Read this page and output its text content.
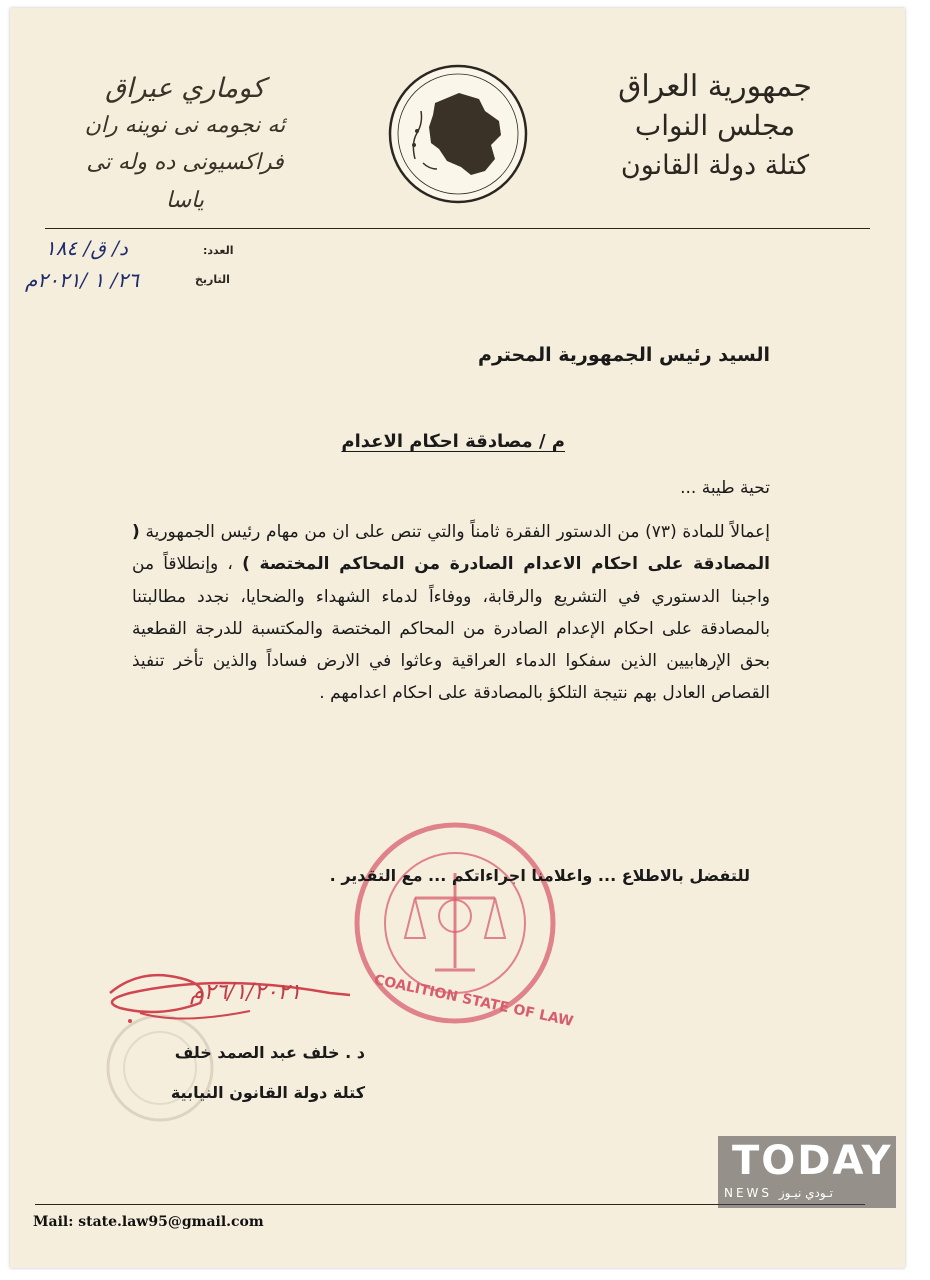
جمهورية العراق
مجلس النواب
كتلة دولة القانون
كوماري عيراق
ئه نجومه نى نوينه ران
فراكسيونى ده وله تى ياسا
العدد:
د/ ق/ ١٨٤
التاريخ
٢٦/ ١ /٢٠٢١م
السيد رئيس الجمهورية المحترم
م / مصادقة احكام الاعدام
تحية طيبة ...
إعمالاً للمادة (٧٣) من الدستور الفقرة ثامناً والتي تنص على ان من مهام رئيس الجمهورية ( المصادقة على احكام الاعدام الصادرة من المحاكم المختصة ) ، وإنطلاقاً من واجبنا الدستوري في التشريع والرقابة، ووفاءاً لدماء الشهداء والضحايا، نجدد مطالبتنا بالمصادقة على احكام الإعدام الصادرة من المحاكم المختصة والمكتسبة للدرجة القطعية بحق الإرهابيين الذين سفكوا الدماء العراقية وعاثوا في الارض فساداً والذين تأخر تنفيذ القصاص العادل بهم نتيجة التلكؤ بالمصادقة على احكام اعدامهم .
COALITION STATE OF LAW
للتفضل بالاطلاع ... واعلامنا اجراءاتكم ... مع التقدير .
٢٦/١/٢٠٢١م
د . خلف عبد الصمد خلف
كتلة دولة القانون النيابية
TODAY
NEWS تـودي نيـوز
Mail: state.law95@gmail.com
